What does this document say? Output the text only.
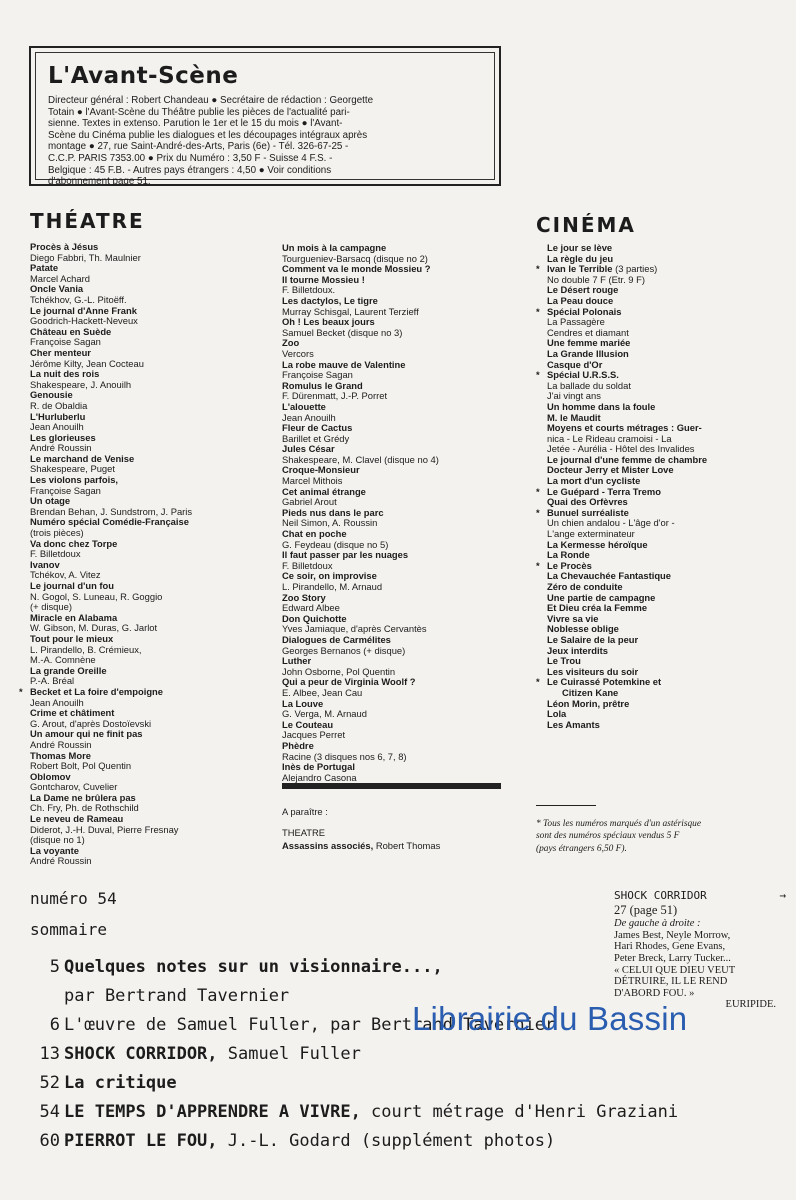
L'Avant-Scène
Directeur général : Robert Chandeau ● Secrétaire de rédaction : Georgette
Totain ● l'Avant-Scène du Théâtre publie les pièces de l'actualité pari-
sienne. Textes in extenso. Parution le 1er et le 15 du mois ● l'Avant-
Scène du Cinéma publie les dialogues et les découpages intégraux après
montage ● 27, rue Saint-André-des-Arts, Paris (6e) - Tél. 326-67-25 -
C.C.P. PARIS 7353.00 ● Prix du Numéro : 3,50 F - Suisse 4 F.S. -
Belgique : 45 F.B. - Autres pays étrangers : 4,50 ● Voir conditions
d'abonnement page 51.
THÉATRE	CINÉMA
Procès à Jésus
Diego Fabbri, Th. Maulnier
Patate
Marcel Achard
Oncle Vania
Tchékhov, G.-L. Pitoëff.
Le journal d'Anne Frank
Goodrich-Hackett-Neveux
Château en Suède
Françoise Sagan
Cher menteur
Jérôme Kilty, Jean Cocteau
La nuit des rois
Shakespeare, J. Anouilh
Genousie
R. de Obaldia
L'Hurluberlu
Jean Anouilh
Les glorieuses
André Roussin
Le marchand de Venise
Shakespeare, Puget
Les violons parfois,
Françoise Sagan
Un otage
Brendan Behan, J. Sundstrom, J. Paris
Numéro spécial Comédie-Française
(trois pièces)
Va donc chez Torpe
F. Billetdoux
Ivanov
Tchékov, A. Vitez
Le journal d'un fou
N. Gogol, S. Luneau, R. Goggio
(+ disque)
Miracle en Alabama
W. Gibson, M. Duras, G. Jarlot
Tout pour le mieux
L. Pirandello, B. Crémieux,
M.-A. Comnène
La grande Oreille
P.-A. Bréal
* Becket et La foire d'empoigne
Jean Anouilh
Crime et châtiment
G. Arout, d'après Dostoïevski
Un amour qui ne finit pas
André Roussin
Thomas More
Robert Bolt, Pol Quentin
Oblomov
Gontcharov, Cuvelier
La Dame ne brûlera pas
Ch. Fry, Ph. de Rothschild
Le neveu de Rameau
Diderot, J.-H. Duval, Pierre Fresnay
(disque no 1)
La voyante
André Roussin
Un mois à la campagne
Tourgueniev-Barsacq (disque no 2)
Comment va le monde Mossieu ?
Il tourne Mossieu !
F. Billetdoux.
Les dactylos, Le tigre
Murray Schisgal, Laurent Terzieff
Oh ! Les beaux jours
Samuel Becket (disque no 3)
Zoo
Vercors
La robe mauve de Valentine
Françoise Sagan
Romulus le Grand
F. Dürenmatt, J.-P. Porret
L'alouette
Jean Anouilh
Fleur de Cactus
Barillet et Grédy
Jules César
Shakespeare, M. Clavel (disque no 4)
Croque-Monsieur
Marcel Mithois
Cet animal étrange
Gabriel Arout
Pieds nus dans le parc
Neil Simon, A. Roussin
Chat en poche
G. Feydeau (disque no 5)
Il faut passer par les nuages
F. Billetdoux
Ce soir, on improvise
L. Pirandello, M. Arnaud
Zoo Story
Edward Albee
Don Quichotte
Yves Jamiaque, d'après Cervantès
Dialogues de Carmélites
Georges Bernanos (+ disque)
Luther
John Osborne, Pol Quentin
Qui a peur de Virginia Woolf ?
E. Albee, Jean Cau
La Louve
G. Verga, M. Arnaud
Le Couteau
Jacques Perret
Phèdre
Racine (3 disques nos 6, 7, 8)
Inès de Portugal
Alejandro Casona
Le jour se lève
La règle du jeu
* Ivan le Terrible (3 parties)
No double 7 F (Etr. 9 F)
Le Désert rouge
La Peau douce
* Spécial Polonais
La Passagère
Cendres et diamant
Une femme mariée
La Grande Illusion
Casque d'Or
* Spécial U.R.S.S.
La ballade du soldat
J'ai vingt ans
Un homme dans la foule
M. le Maudit
Moyens et courts métrages : Guer-
nica - Le Rideau cramoisi - La
Jetée - Aurélia - Hôtel des Invalides
Le journal d'une femme de chambre
Docteur Jerry et Mister Love
La mort d'un cycliste
* Le Guépard - Terra Tremo
Quai des Orfèvres
* Bunuel surréaliste
Un chien andalou - L'âge d'or -
L'ange exterminateur
La Kermesse héroïque
La Ronde
* Le Procès
La Chevauchée Fantastique
Zéro de conduite
Une partie de campagne
Et Dieu créa la Femme
Vivre sa vie
Noblesse oblige
Le Salaire de la peur
Jeux interdits
Le Trou
Les visiteurs du soir
* Le Cuirassé Potemkine et
Citizen Kane
Léon Morin, prêtre
Lola
Les Amants
A paraître :
THEATRE
Assassins associés, Robert Thomas
* Tous les numéros marqués d'un astérisque
sont des numéros spéciaux vendus 5 F
(pays étrangers 6,50 F).
numéro 54
sommaire
5 Quelques notes sur un visionnaire...,
par Bertrand Tavernier
6 L'œuvre de Samuel Fuller, par Bertrand Tavernier
13 SHOCK CORRIDOR, Samuel Fuller
52 La critique
54 LE TEMPS D'APPRENDRE A VIVRE, court métrage d'Henri Graziani
60 PIERROT LE FOU, J.-L. Godard (supplément photos)
SHOCK CORRIDOR	→
27 (page 51)
De gauche à droite :
James Best, Neyle Morrow,
Hari Rhodes, Gene Evans,
Peter Breck, Larry Tucker...
« CELUI QUE DIEU VEUT
DÉTRUIRE, IL LE REND
D'ABORD FOU. »
EURIPIDE.
Librairie du Bassin
